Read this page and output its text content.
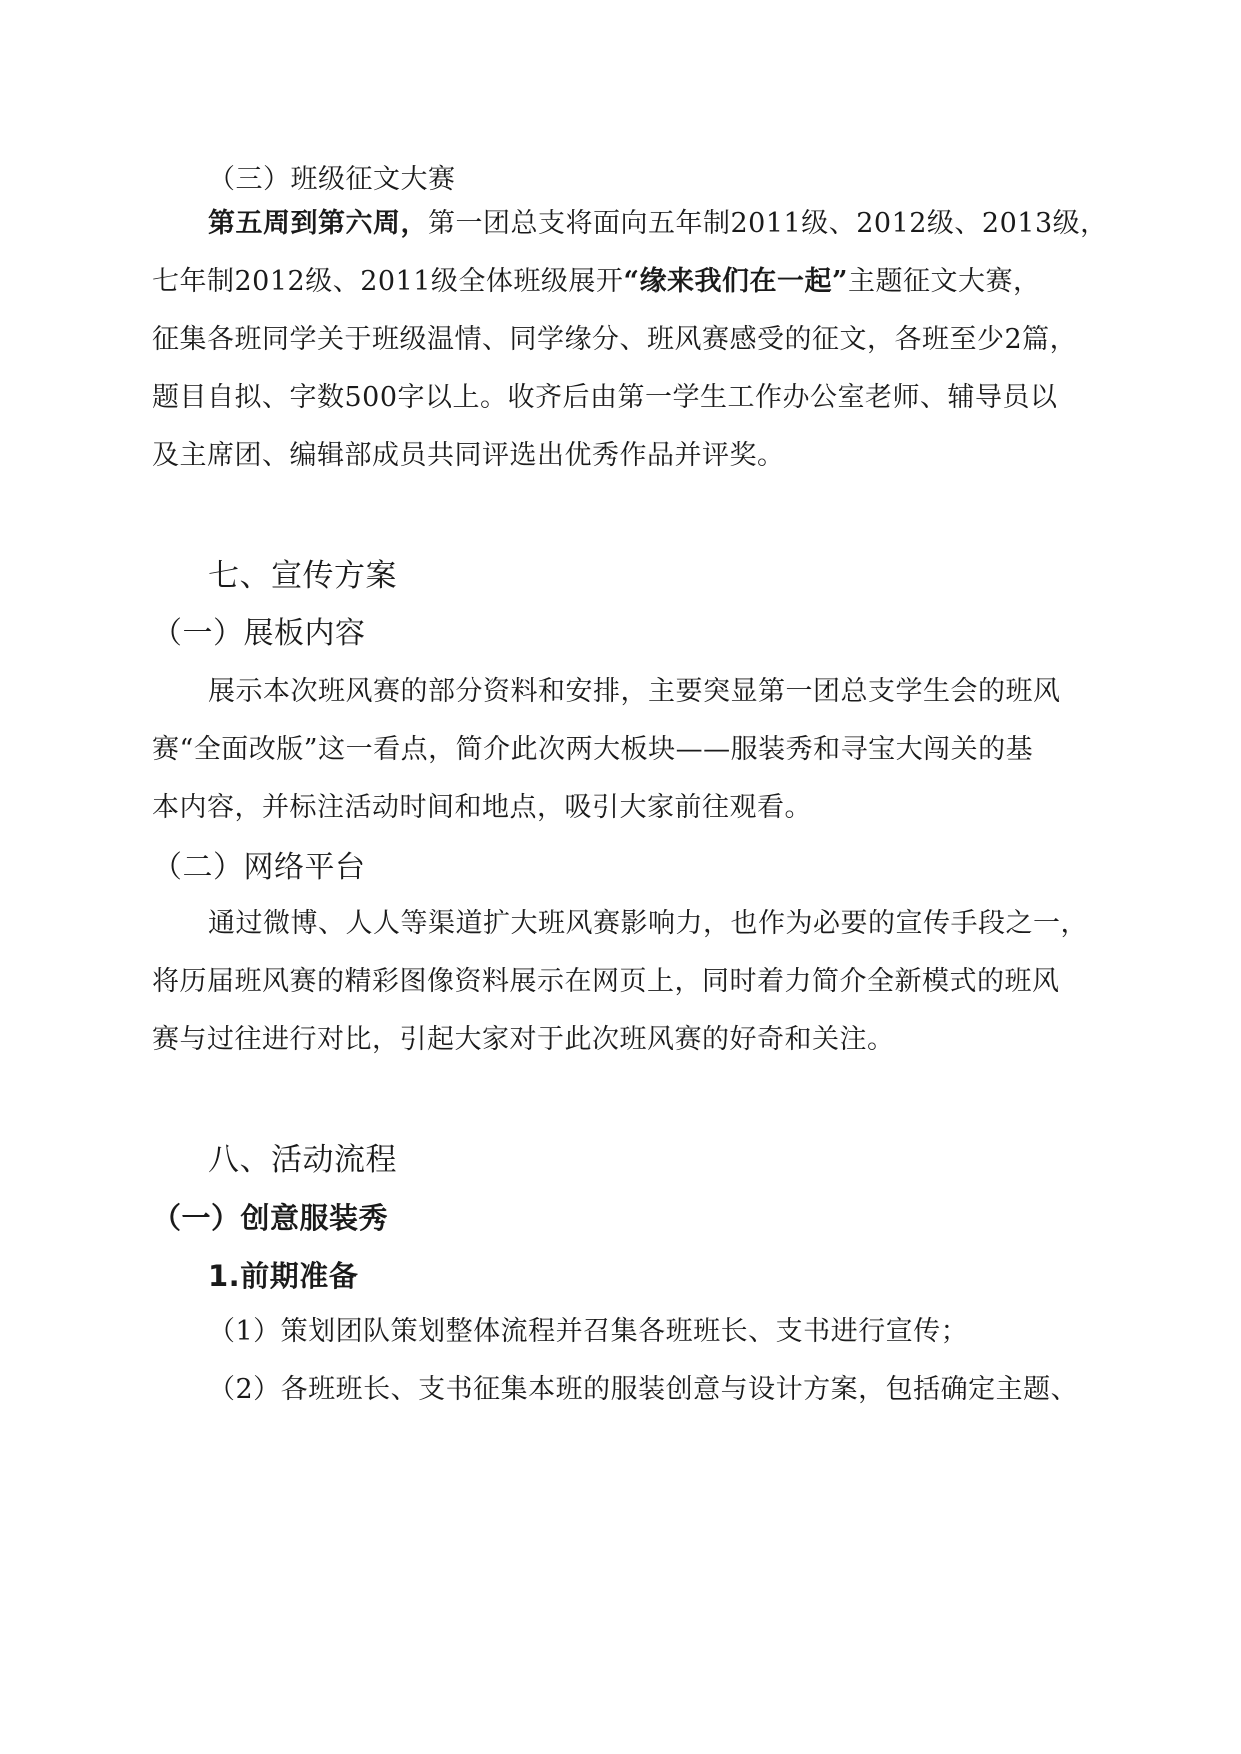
（三）班级征文大赛
第五周到第六周，第一团总支将面向五年制2011级、2012级、2013级，
七年制2012级、2011级全体班级展开“缘来我们在一起”主题征文大赛，
征集各班同学关于班级温情、同学缘分、班风赛感受的征文，各班至少2篇，
题目自拟、字数500字以上。收齐后由第一学生工作办公室老师、辅导员以
及主席团、编辑部成员共同评选出优秀作品并评奖。
七、宣传方案
（一）展板内容
展示本次班风赛的部分资料和安排，主要突显第一团总支学生会的班风
赛“全面改版”这一看点，简介此次两大板块——服装秀和寻宝大闯关的基
本内容，并标注活动时间和地点，吸引大家前往观看。
（二）网络平台
通过微博、人人等渠道扩大班风赛影响力，也作为必要的宣传手段之一，
将历届班风赛的精彩图像资料展示在网页上，同时着力简介全新模式的班风
赛与过往进行对比，引起大家对于此次班风赛的好奇和关注。
八、活动流程
（一）创意服装秀
1.前期准备
（1）策划团队策划整体流程并召集各班班长、支书进行宣传；
（2）各班班长、支书征集本班的服装创意与设计方案，包括确定主题、
